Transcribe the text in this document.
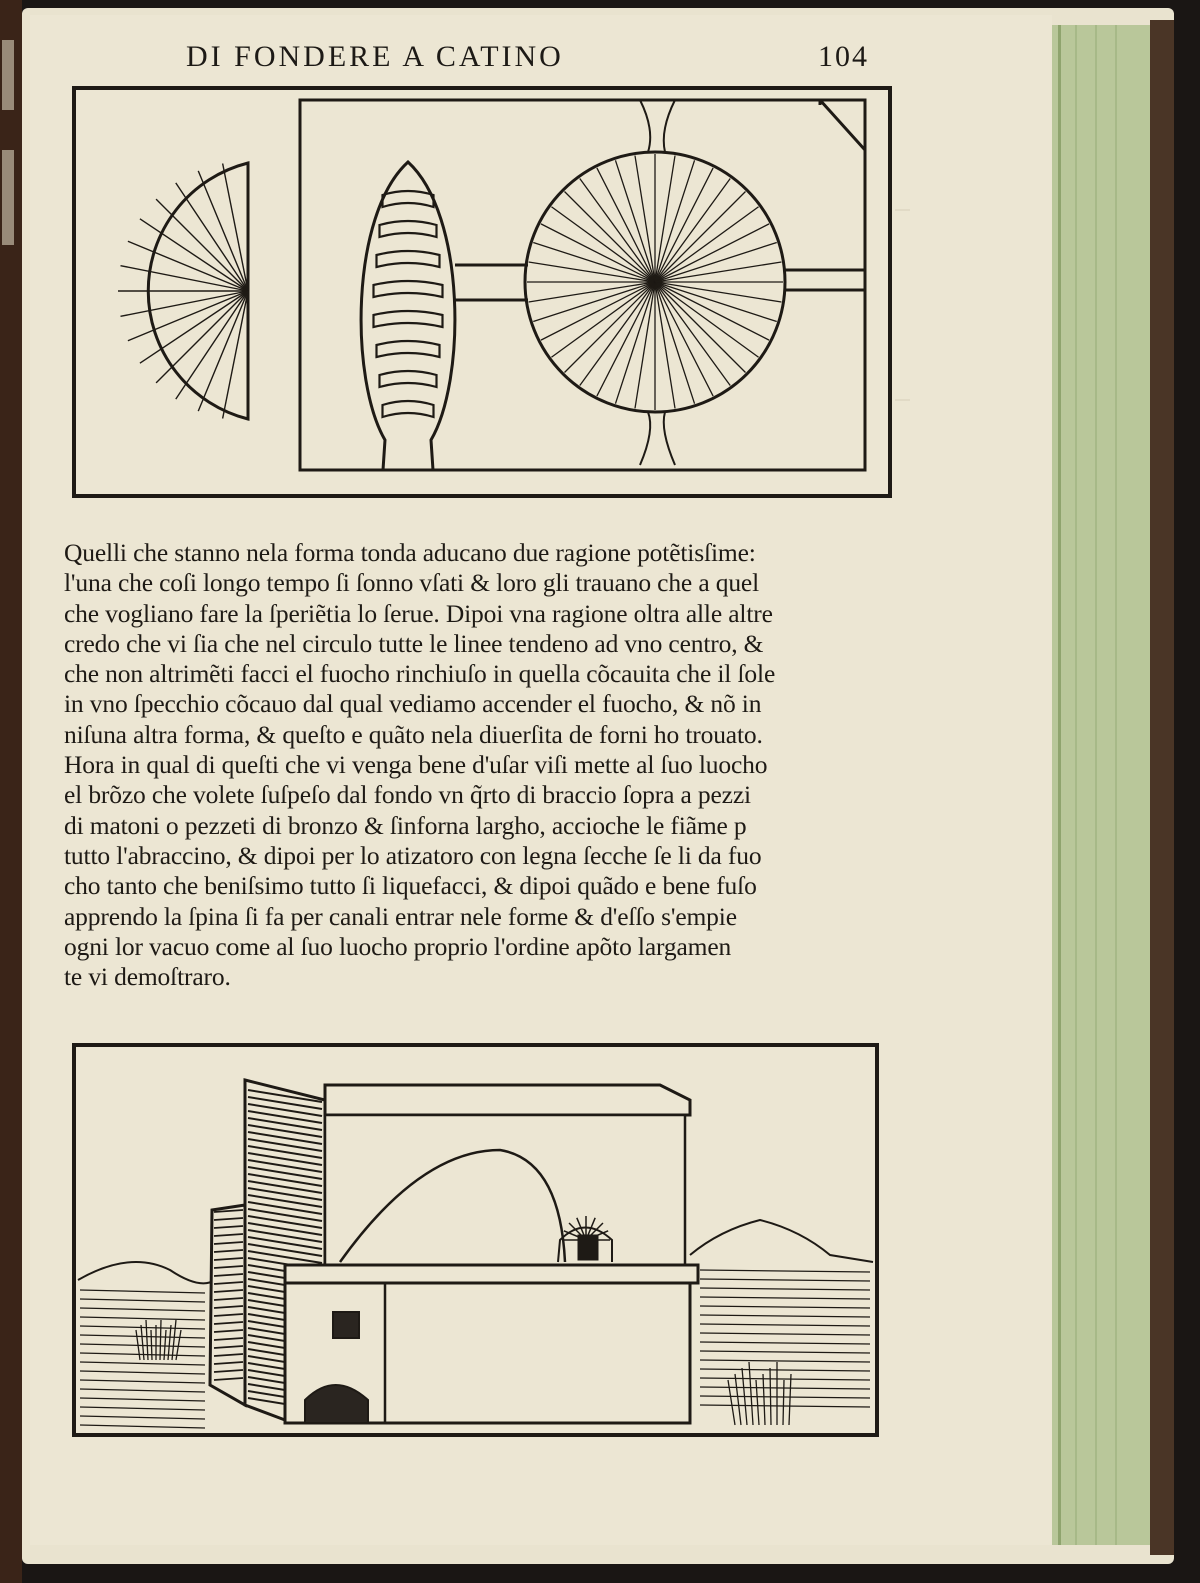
DI FONDERE A CATINO	104
Quelli che stanno nela forma tonda aducano due ragione potẽtisſime:
l'una che coſi longo tempo ſi ſonno vſati & loro gli trauano che a quel
che vogliano fare la ſperiẽtia lo ſerue. Dipoi vna ragione oltra alle altre
credo che vi ſia che nel circulo tutte le linee tendeno ad vno centro, &
che non altrimẽti facci el fuocho rinchiuſo in quella cõcauita che il ſole
in vno ſpecchio cõcauo dal qual vediamo accender el fuocho, & nõ in
niſuna altra forma, & queſto e quãto nela diuerſita de forni ho trouato.
Hora in qual di queſti che vi venga bene d'uſar viſi mette al ſuo luocho
el brõzo che volete ſuſpeſo dal fondo vn q̃rto di braccio ſopra a pezzi
di matoni o pezzeti di bronzo & ſinforna largho, accioche le fiãme p
tutto l'abraccino, & dipoi per lo atizatoro con legna ſecche ſe li da fuo
cho tanto che beniſsimo tutto ſi liquefacci, & dipoi quãdo e bene fuſo
apprendo la ſpina ſi fa per canali entrar nele forme & d'eſſo s'empie
ogni lor vacuo come al ſuo luocho proprio l'ordine apõto largamen
te vi demoſtraro.
